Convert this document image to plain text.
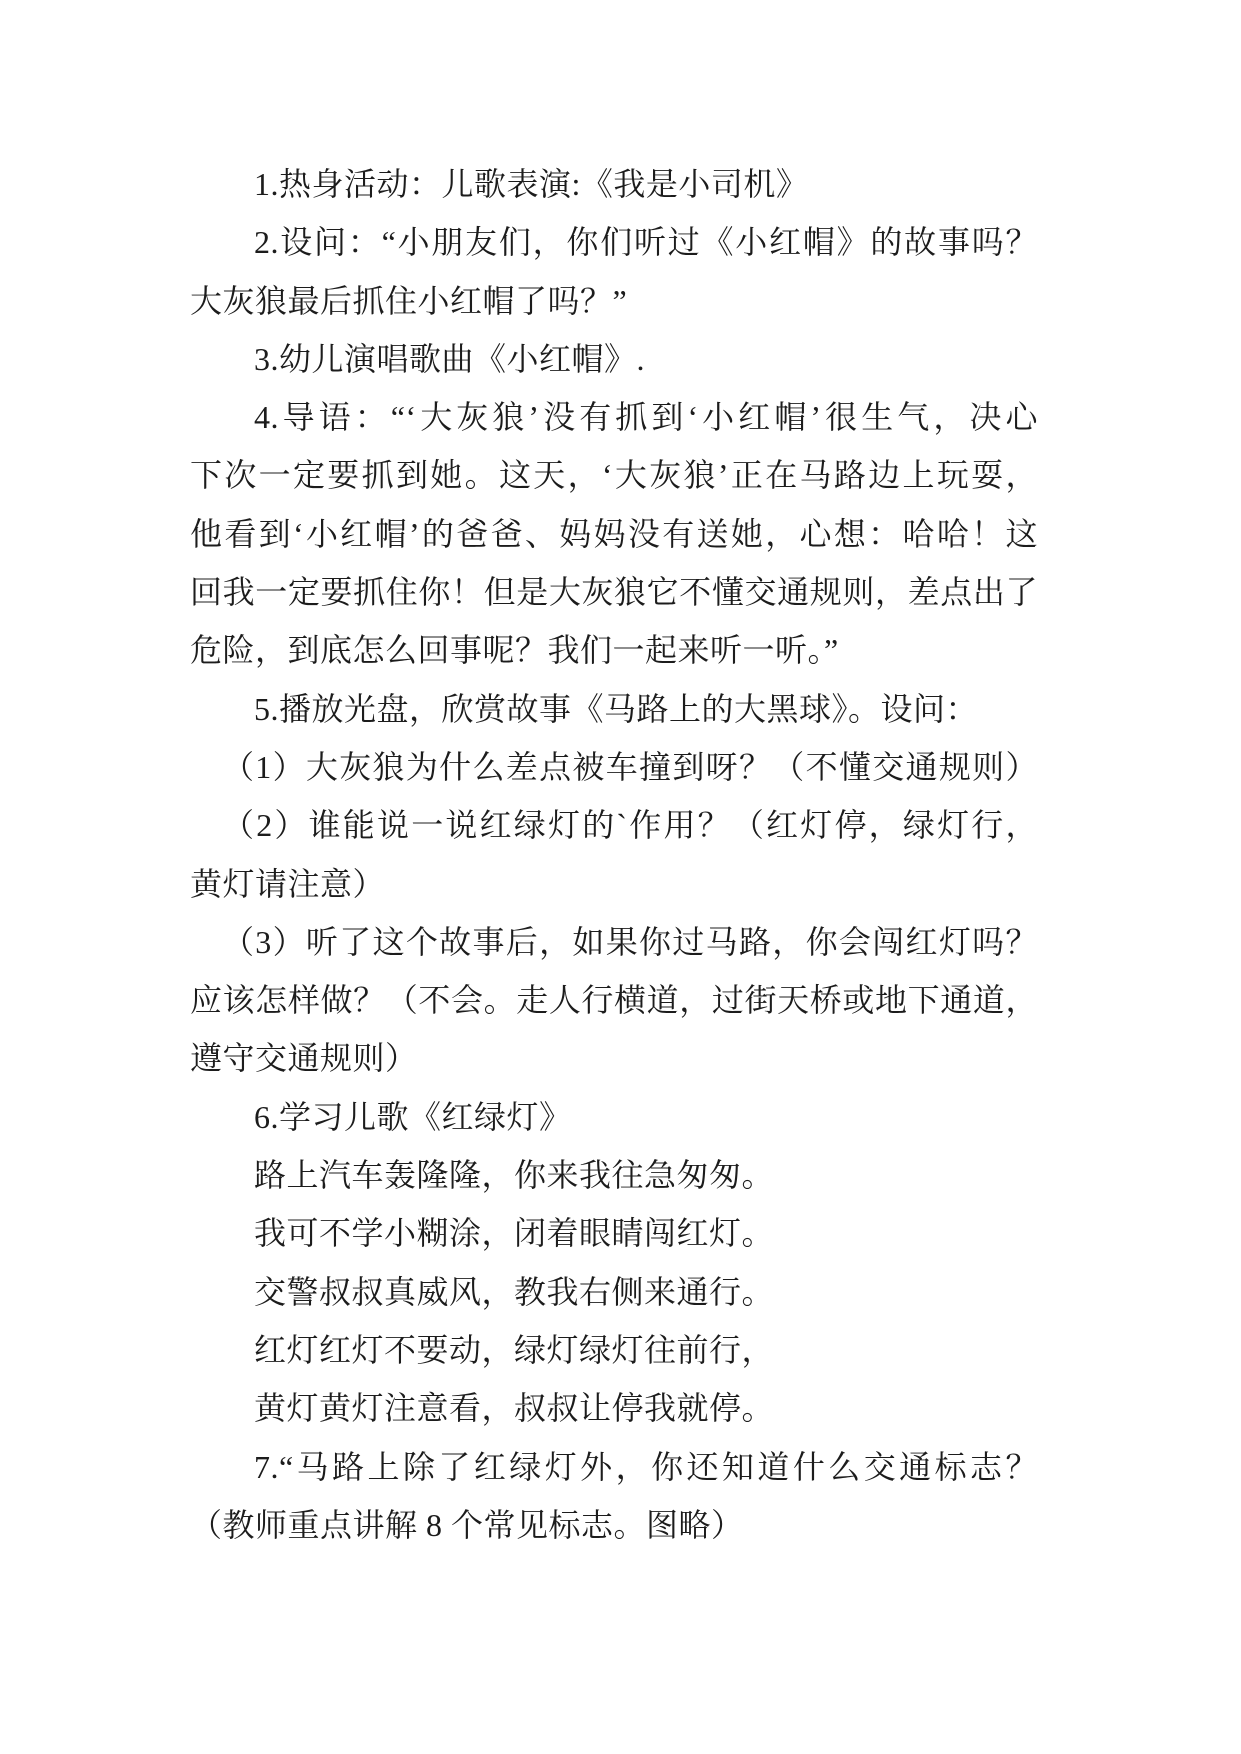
1.热身活动：儿歌表演:《我是小司机》
2.设问：“小朋友们，你们听过《小红帽》的故事吗？
大灰狼最后抓住小红帽了吗？”
3.幼儿演唱歌曲《小红帽》.
4.导语：“‘大灰狼’没有抓到‘小红帽’很生气，决心
下次一定要抓到她。这天，‘大灰狼’正在马路边上玩耍，
他看到‘小红帽’的爸爸、妈妈没有送她，心想：哈哈！这
回我一定要抓住你！但是大灰狼它不懂交通规则，差点出了
危险，到底怎么回事呢？我们一起来听一听。”
5.播放光盘，欣赏故事《马路上的大黑球》。设问：
（1）大灰狼为什么差点被车撞到呀？（不懂交通规则）
（2）谁能说一说红绿灯的`作用？（红灯停，绿灯行，
黄灯请注意）
（3）听了这个故事后，如果你过马路，你会闯红灯吗？
应该怎样做？（不会。走人行横道，过街天桥或地下通道，
遵守交通规则）
6.学习儿歌《红绿灯》
路上汽车轰隆隆，你来我往急匆匆。
我可不学小糊涂，闭着眼睛闯红灯。
交警叔叔真威风，教我右侧来通行。
红灯红灯不要动，绿灯绿灯往前行，
黄灯黄灯注意看，叔叔让停我就停。
7.“马路上除了红绿灯外，你还知道什么交通标志？
（教师重点讲解 8 个常见标志。图略）
